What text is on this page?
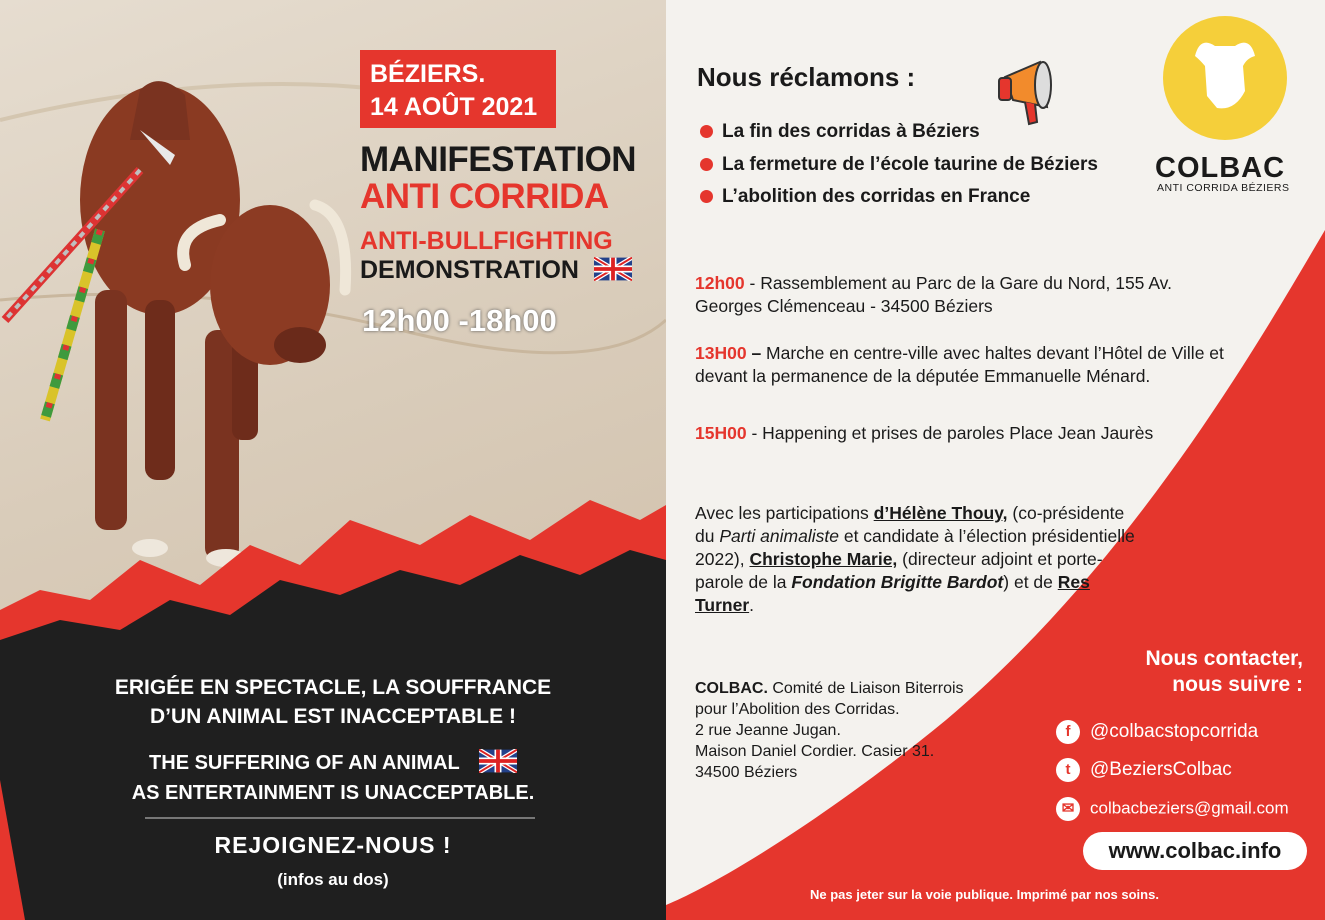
BÉZIERS.
14 AOÛT 2021
MANIFESTATION
ANTI CORRIDA
ANTI-BULLFIGHTING
DEMONSTRATION
12h00 -18h00
ERIGÉE EN SPECTACLE, LA SOUFFRANCE
D’UN ANIMAL EST INACCEPTABLE !
THE SUFFERING OF AN ANIMAL
AS ENTERTAINMENT IS UNACCEPTABLE.
REJOIGNEZ-NOUS !
(infos au dos)
Nous réclamons :
La fin des corridas à Béziers
La fermeture de l’école taurine de Béziers
L’abolition des corridas en France
COLBAC
ANTI CORRIDA BÉZIERS
12h00 - Rassemblement au Parc de la Gare du Nord, 155 Av. Georges Clémenceau - 34500 Béziers
13H00 – Marche en centre-ville avec haltes devant l’Hôtel de Ville et devant la permanence de la députée Emmanuelle Ménard.
15H00 - Happening et prises de paroles Place Jean Jaurès
Avec les participations d’Hélène Thouy, (co-présidente du Parti animaliste et candidate à l’élection présidentielle 2022), Christophe Marie, (directeur adjoint et porte-parole de la Fondation Brigitte Bardot) et de Res Turner.
COLBAC. Comité de Liaison Biterrois
pour l’Abolition des Corridas.
2 rue Jeanne Jugan.
Maison Daniel Cordier. Casier 31.
34500 Béziers
Nous contacter,
nous suivre :
f @colbacstopcorrida
t @BeziersColbac
✉ colbacbeziers@gmail.com
www.colbac.info
Ne pas jeter sur la voie publique. Imprimé par nos soins.
